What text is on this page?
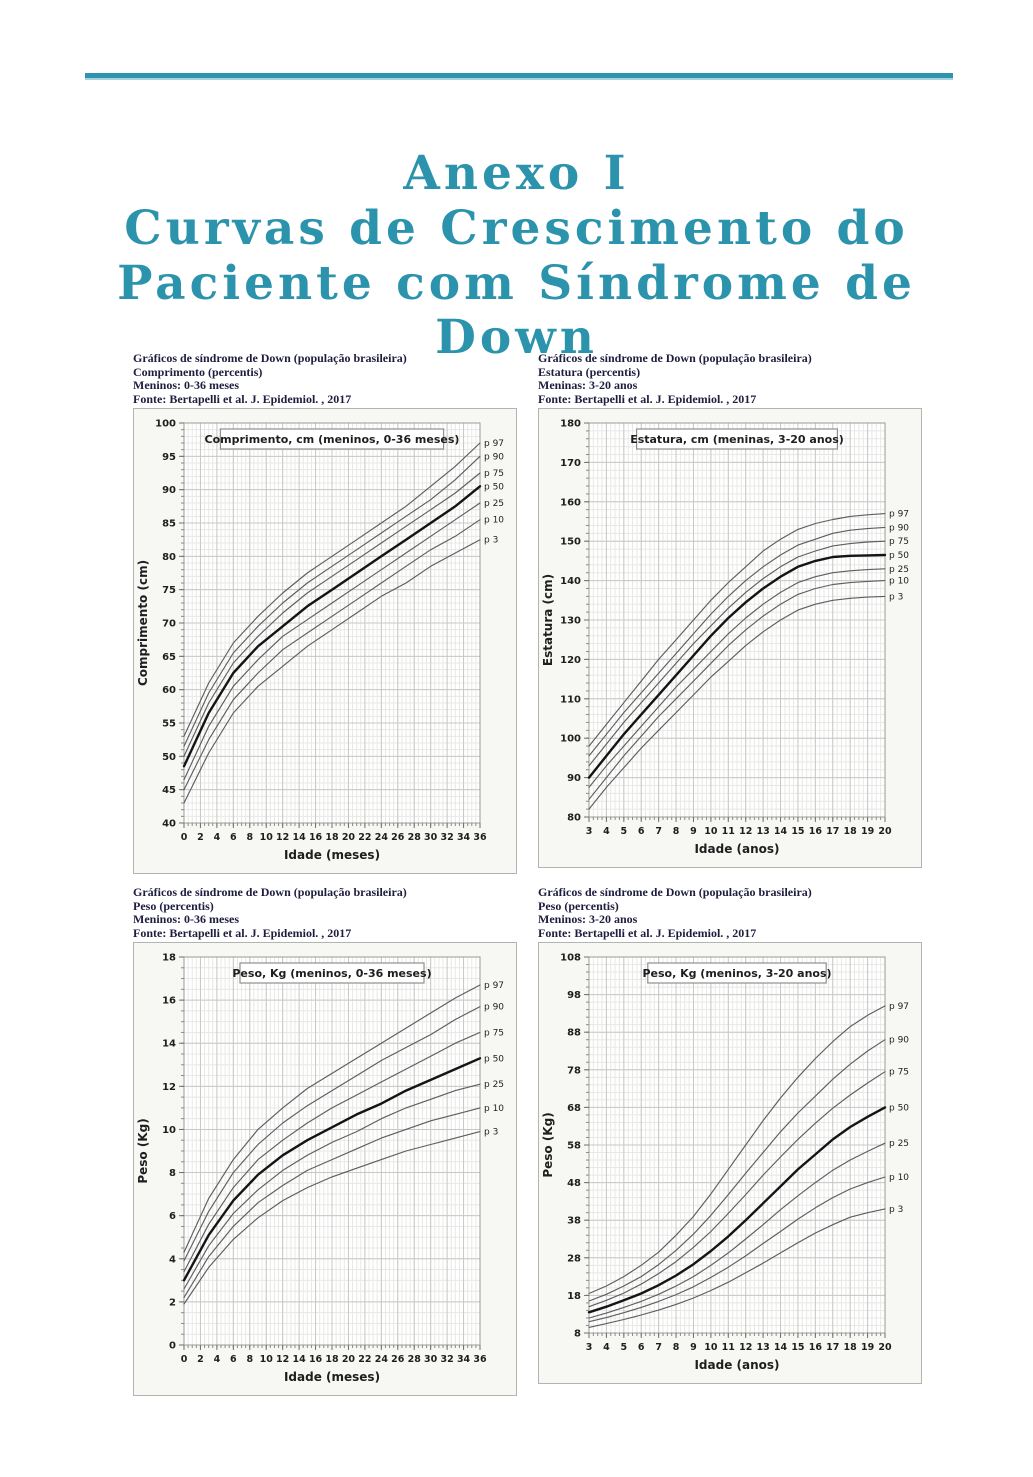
Anexo I
Curvas de Crescimento do
Paciente com Síndrome de
Down
Gráficos de síndrome de Down (população brasileira)
Comprimento (percentis)
Meninos: 0-36 meses
Fonte: Bertapelli et al. J. Epidemiol. , 2017
0 2 4 6 8 10 12 14 16 18 20 22 24 26 28 30 32 34 36
40
45
50
55
60
65
70
75
80
85
90
95
100
Idade (meses)
Comprimento (cm)
p 97
p 90
p 75
p 50
p 25
p 10
p 3
Comprimento, cm (meninos, 0-36 meses)
Gráficos de síndrome de Down (população brasileira)
Estatura (percentis)
Meninas: 3-20 anos
Fonte: Bertapelli et al. J. Epidemiol. , 2017
3 4 5 6 7 8 9 10 11 12 13 14 15 16 17 18 19 20
80
90
100
110
120
130
140
150
160
170
180
Idade (anos)
Estatura (cm)
p 97
p 90
p 75
p 50
p 25
p 10
p 3
Estatura, cm (meninas, 3-20 anos)
Gráficos de síndrome de Down (população brasileira)
Peso (percentis)
Meninos: 0-36 meses
Fonte: Bertapelli et al. J. Epidemiol. , 2017
0 2 4 6 8 10 12 14 16 18 20 22 24 26 28 30 32 34 36
0
2
4
6
8
10
12
14
16
18
Idade (meses)
Peso (Kg)
p 97
p 90
p 75
p 50
p 25
p 10
p 3
Peso, Kg (meninos, 0-36 meses)
Gráficos de síndrome de Down (população brasileira)
Peso (percentis)
Meninos: 3-20 anos
Fonte: Bertapelli et al. J. Epidemiol. , 2017
3 4 5 6 7 8 9 10 11 12 13 14 15 16 17 18 19 20
8
18
28
38
48
58
68
78
88
98
108
Idade (anos)
Peso (Kg)
p 97
p 90
p 75
p 50
p 25
p 10
p 3
Peso, Kg (meninos, 3-20 anos)
